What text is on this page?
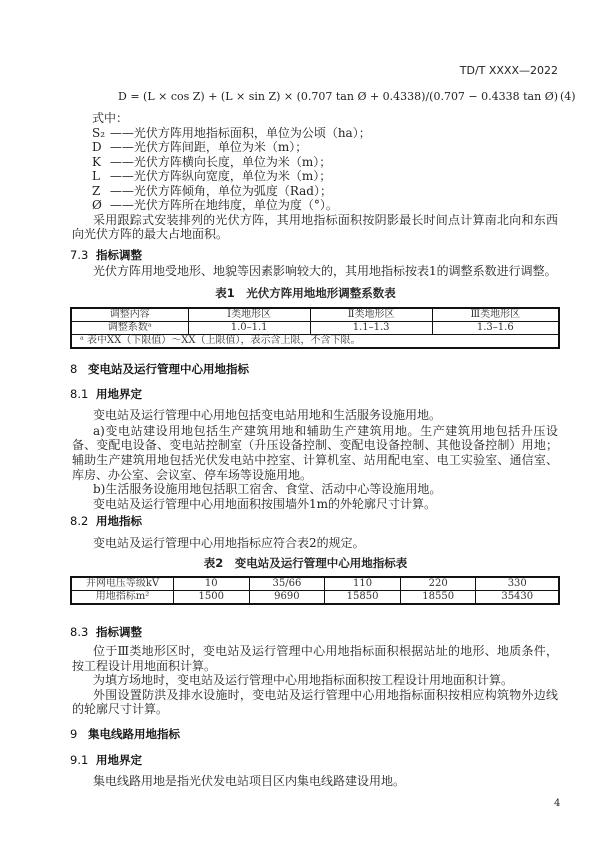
TD/T XXXX—2022
D = (L × cos Z) + (L × sin Z) × (0.707 tan Ø + 0.4338)/(0.707 − 0.4338 tan Ø) (4)
式中：
S₂ ——光伏方阵用地指标面积，单位为公顷（ha）；
D ——光伏方阵间距，单位为米（m）；
K ——光伏方阵横向长度，单位为米（m）；
L ——光伏方阵纵向宽度，单位为米（m）；
Z ——光伏方阵倾角，单位为弧度（Rad）；
Ø ——光伏方阵所在地纬度，单位为度（°）。
采用跟踪式安装排列的光伏方阵，其用地指标面积按阴影最长时间点计算南北向和东西向光伏方阵的最大占地面积。
7.3 指标调整
光伏方阵用地受地形、地貌等因素影响较大的，其用地指标按表1的调整系数进行调整。
表1　光伏方阵用地地形调整系数表
调整内容	Ⅰ类地形区	Ⅱ类地形区	Ⅲ类地形区
调整系数ᵃ	1.0–1.1	1.1–1.3	1.3–1.6
ᵃ 表中XX（下限值）～XX（上限值），表示含上限，不含下限。			
8 变电站及运行管理中心用地指标
8.1 用地界定
变电站及运行管理中心用地包括变电站用地和生活服务设施用地。
a)变电站建设用地包括生产建筑用地和辅助生产建筑用地。生产建筑用地包括升压设备、变配电设备、变电站控制室（升压设备控制、变配电设备控制、其他设备控制）用地；辅助生产建筑用地包括光伏发电站中控室、计算机室、站用配电室、电工实验室、通信室、库房、办公室、会议室、停车场等设施用地。
b)生活服务设施用地包括职工宿舍、食堂、活动中心等设施用地。
变电站及运行管理中心用地面积按围墙外1m的外轮廓尺寸计算。
8.2 用地指标
变电站及运行管理中心用地指标应符合表2的规定。
表2　变电站及运行管理中心用地指标表
并网电压等级kV	10	35/66	110	220	330
用地指标m²	1500	9690	15850	18550	35430
8.3 指标调整
位于Ⅲ类地形区时，变电站及运行管理中心用地指标面积根据站址的地形、地质条件，按工程设计用地面积计算。
为填方场地时，变电站及运行管理中心用地指标面积按工程设计用地面积计算。
外围设置防洪及排水设施时，变电站及运行管理中心用地指标面积按相应构筑物外边线的轮廓尺寸计算。
9 集电线路用地指标
9.1 用地界定
集电线路用地是指光伏发电站项目区内集电线路建设用地。
4
